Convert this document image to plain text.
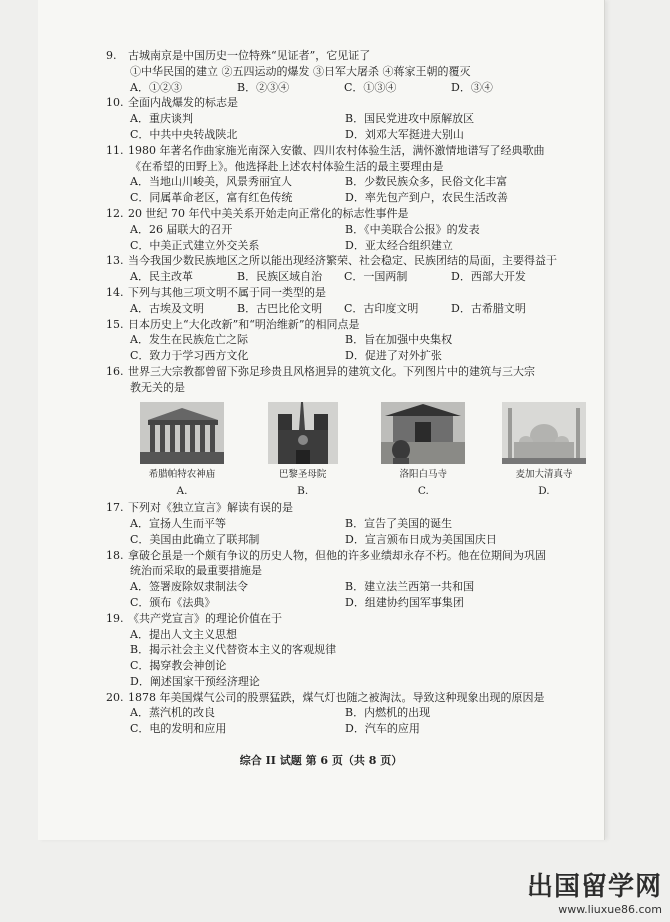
9. 古城南京是中国历史一位特殊“见证者”，它见证了
①中华民国的建立 ②五四运动的爆发 ③日军大屠杀 ④蒋家王朝的覆灭
A．①②③	B．②③④	C．①③④	D．③④
10. 全面内战爆发的标志是
A．重庆谈判	B．国民党进攻中原解放区
C．中共中央转战陕北	D．刘邓大军挺进大别山
11. 1980 年著名作曲家施光南深入安徽、四川农村体验生活，满怀激情地谱写了经典歌曲
《在希望的田野上》。他选择赴上述农村体验生活的最主要理由是
A．当地山川峻美，风景秀丽宜人	B．少数民族众多，民俗文化丰富
C．同属革命老区，富有红色传统	D．率先包产到户，农民生活改善
12. 20 世纪 70 年代中美关系开始走向正常化的标志性事件是
A．26 届联大的召开	B．《中美联合公报》的发表
C．中美正式建立外交关系	D．亚太经合组织建立
13. 当今我国少数民族地区之所以能出现经济繁荣、社会稳定、民族团结的局面，主要得益于
A．民主改革	B．民族区域自治	C．一国两制	D．西部大开发
14. 下列与其他三项文明不属于同一类型的是
A．古埃及文明	B．古巴比伦文明	C．古印度文明	D．古希腊文明
15. 日本历史上“大化改新”和“明治维新”的相同点是
A．发生在民族危亡之际	B．旨在加强中央集权
C．致力于学习西方文化	D．促进了对外扩张
16. 世界三大宗教都曾留下弥足珍贵且风格迥异的建筑文化。下列图片中的建筑与三大宗
教无关的是
希腊帕特农神庙
A.
巴黎圣母院
B.
洛阳白马寺
C.
麦加大清真寺
D.
17. 下列对《独立宣言》解读有误的是
A．宣扬人生而平等	B．宣告了美国的诞生
C．美国由此确立了联邦制	D．宣言颁布日成为美国国庆日
18. 拿破仑虽是一个颇有争议的历史人物，但他的许多业绩却永存不朽。他在位期间为巩固
统治而采取的最重要措施是
A．签署废除奴隶制法令	B．建立法兰西第一共和国
C．颁布《法典》	D．组建协约国军事集团
19. 《共产党宣言》的理论价值在于
A．提出人文主义思想
B．揭示社会主义代替资本主义的客观规律
C．揭穿教会神创论
D．阐述国家干预经济理论
20. 1878 年美国煤气公司的股票猛跌，煤气灯也随之被淘汰。导致这种现象出现的原因是
A．蒸汽机的改良	B．内燃机的出现
C．电的发明和应用	D．汽车的应用
综合 II 试题 第 6 页（共 8 页）
出国留学网
www.liuxue86.com
